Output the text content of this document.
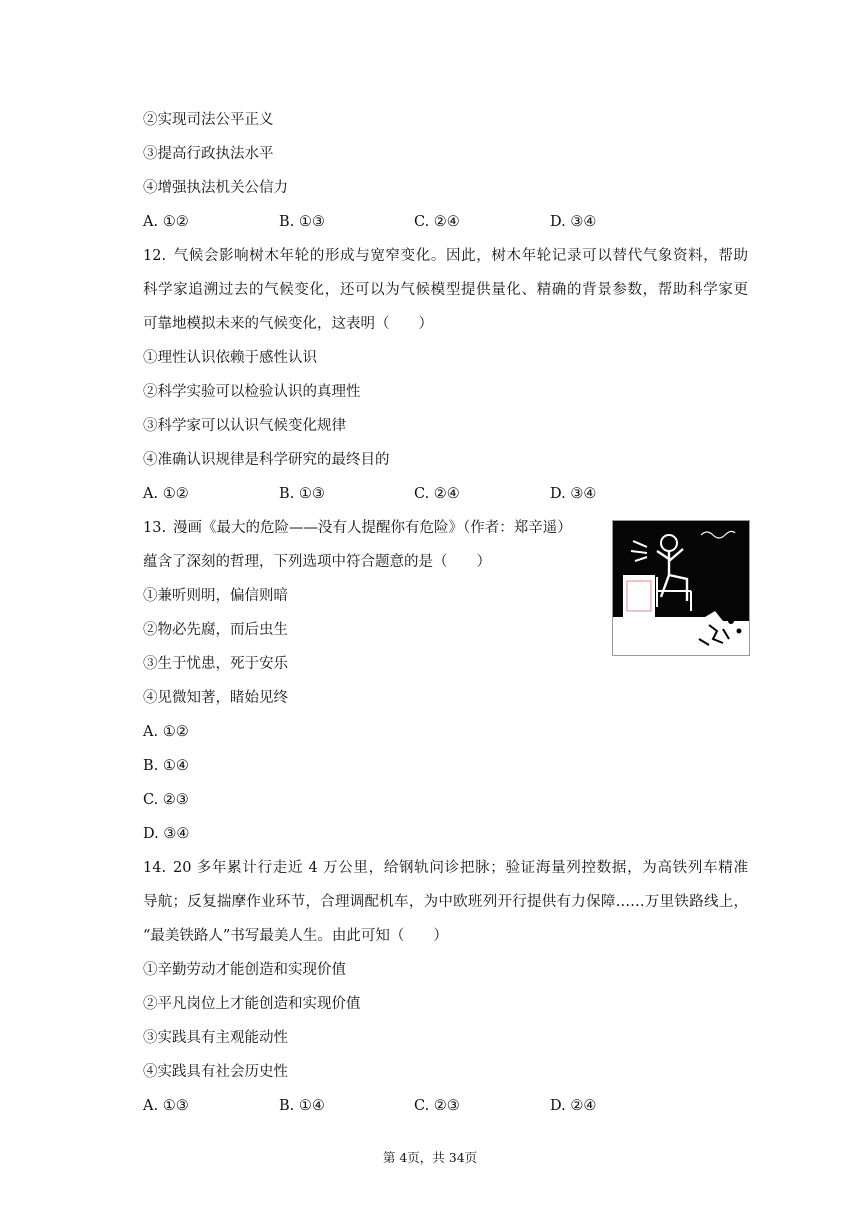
②实现司法公平正义
③提高行政执法水平
④增强执法机关公信力
A. ①②	B. ①③	C. ②④	D. ③④
12. 气候会影响树木年轮的形成与宽窄变化。因此，树木年轮记录可以替代气象资料，帮助
科学家追溯过去的气候变化，还可以为气候模型提供量化、精确的背景参数，帮助科学家更
可靠地模拟未来的气候变化，这表明（　　）
①理性认识依赖于感性认识
②科学实验可以检验认识的真理性
③科学家可以认识气候变化规律
④准确认识规律是科学研究的最终目的
A. ①②	B. ①③	C. ②④	D. ③④
13. 漫画《最大的危险——没有人提醒你有危险》（作者：郑辛遥）
蕴含了深刻的哲理，下列选项中符合题意的是（　　）
①兼听则明，偏信则暗
②物必先腐，而后虫生
③生于忧患，死于安乐
④见微知著，睹始见终
A. ①②
B. ①④
C. ②③
D. ③④
14. 20 多年累计行走近 4 万公里，给钢轨问诊把脉；验证海量列控数据，为高铁列车精准
导航；反复揣摩作业环节，合理调配机车，为中欧班列开行提供有力保障……万里铁路线上，
“最美铁路人”书写最美人生。由此可知（　　）
①辛勤劳动才能创造和实现价值
②平凡岗位上才能创造和实现价值
③实践具有主观能动性
④实践具有社会历史性
A. ①③	B. ①④	C. ②③	D. ②④
第 4页，共 34页
